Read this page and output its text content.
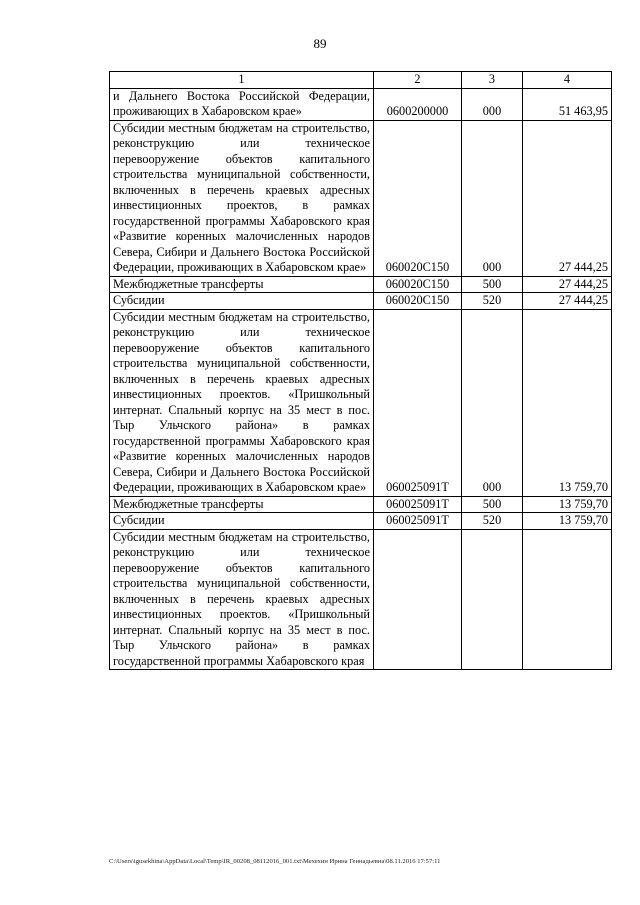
89
1	2	3	4
и Дальнего Востока Российской Федерации, проживающих в Хабаровском крае»	0600200000	000	51 463,95
Субсидии местным бюджетам на строительство, реконструкцию или техническое перевооружение объектов капитального строительства муниципальной собственности, включенных в перечень краевых адресных инвестиционных проектов, в рамках государственной программы Хабаровского края «Развитие коренных малочисленных народов Севера, Сибири и Дальнего Востока Российской Федерации, проживающих в Хабаровском крае»	060020С150	000	27 444,25
Межбюджетные трансферты	060020С150	500	27 444,25
Субсидии	060020С150	520	27 444,25
Субсидии местным бюджетам на строительство, реконструкцию или техническое перевооружение объектов капитального строительства муниципальной собственности, включенных в перечень краевых адресных инвестиционных проектов. «Пришкольный интернат. Спальный корпус на 35 мест в пос. Тыр Ульчского района» в рамках государственной программы Хабаровского края «Развитие коренных малочисленных народов Севера, Сибири и Дальнего Востока Российской Федерации, проживающих в Хабаровском крае»	060025091Т	000	13 759,70
Межбюджетные трансферты	060025091Т	500	13 759,70
Субсидии	060025091Т	520	13 759,70
Субсидии местным бюджетам на строительство, реконструкцию или техническое перевооружение объектов капитального строительства муниципальной собственности, включенных в перечень краевых адресных инвестиционных проектов. «Пришкольный интернат. Спальный корпус на 35 мест в пос. Тыр Ульчского района» в рамках государственной программы Хабаровского края			
C:\Users\igusekhina\AppData\Local\Temp\IR_00208_08112016_001.txt\Мехехин Ирина Геннадьевна\08.11.2016 17:57:11
